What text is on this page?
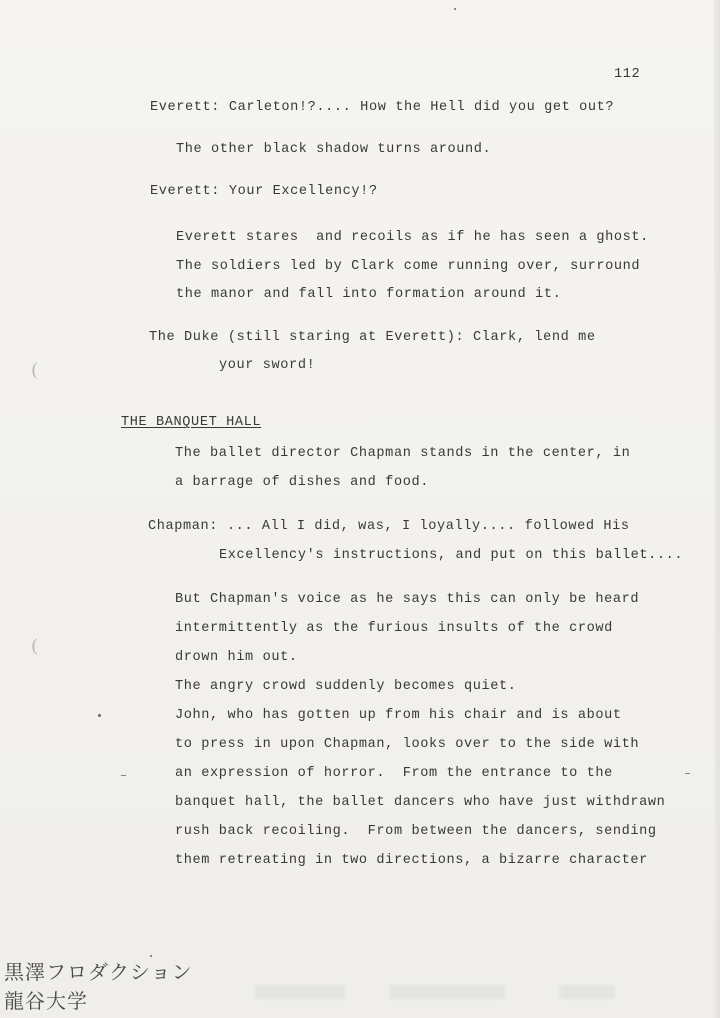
112
Everett: Carleton!?.... How the Hell did you get out?
The other black shadow turns around.
Everett: Your Excellency!?
Everett stares  and recoils as if he has seen a ghost.
The soldiers led by Clark come running over, surround
the manor and fall into formation around it.
The Duke (still staring at Everett): Clark, lend me
your sword!
THE BANQUET HALL
The ballet director Chapman stands in the center, in
a barrage of dishes and food.
Chapman: ... All I did, was, I loyally.... followed His
Excellency's instructions, and put on this ballet....
But Chapman's voice as he says this can only be heard
intermittently as the furious insults of the crowd
drown him out.
The angry crowd suddenly becomes quiet.
John, who has gotten up from his chair and is about
to press in upon Chapman, looks over to the side with
an expression of horror.  From the entrance to the
banquet hall, the ballet dancers who have just withdrawn
rush back recoiling.  From between the dancers, sending
them retreating in two directions, a bizarre character
(
(
黒澤フロダクション
龍谷大学
